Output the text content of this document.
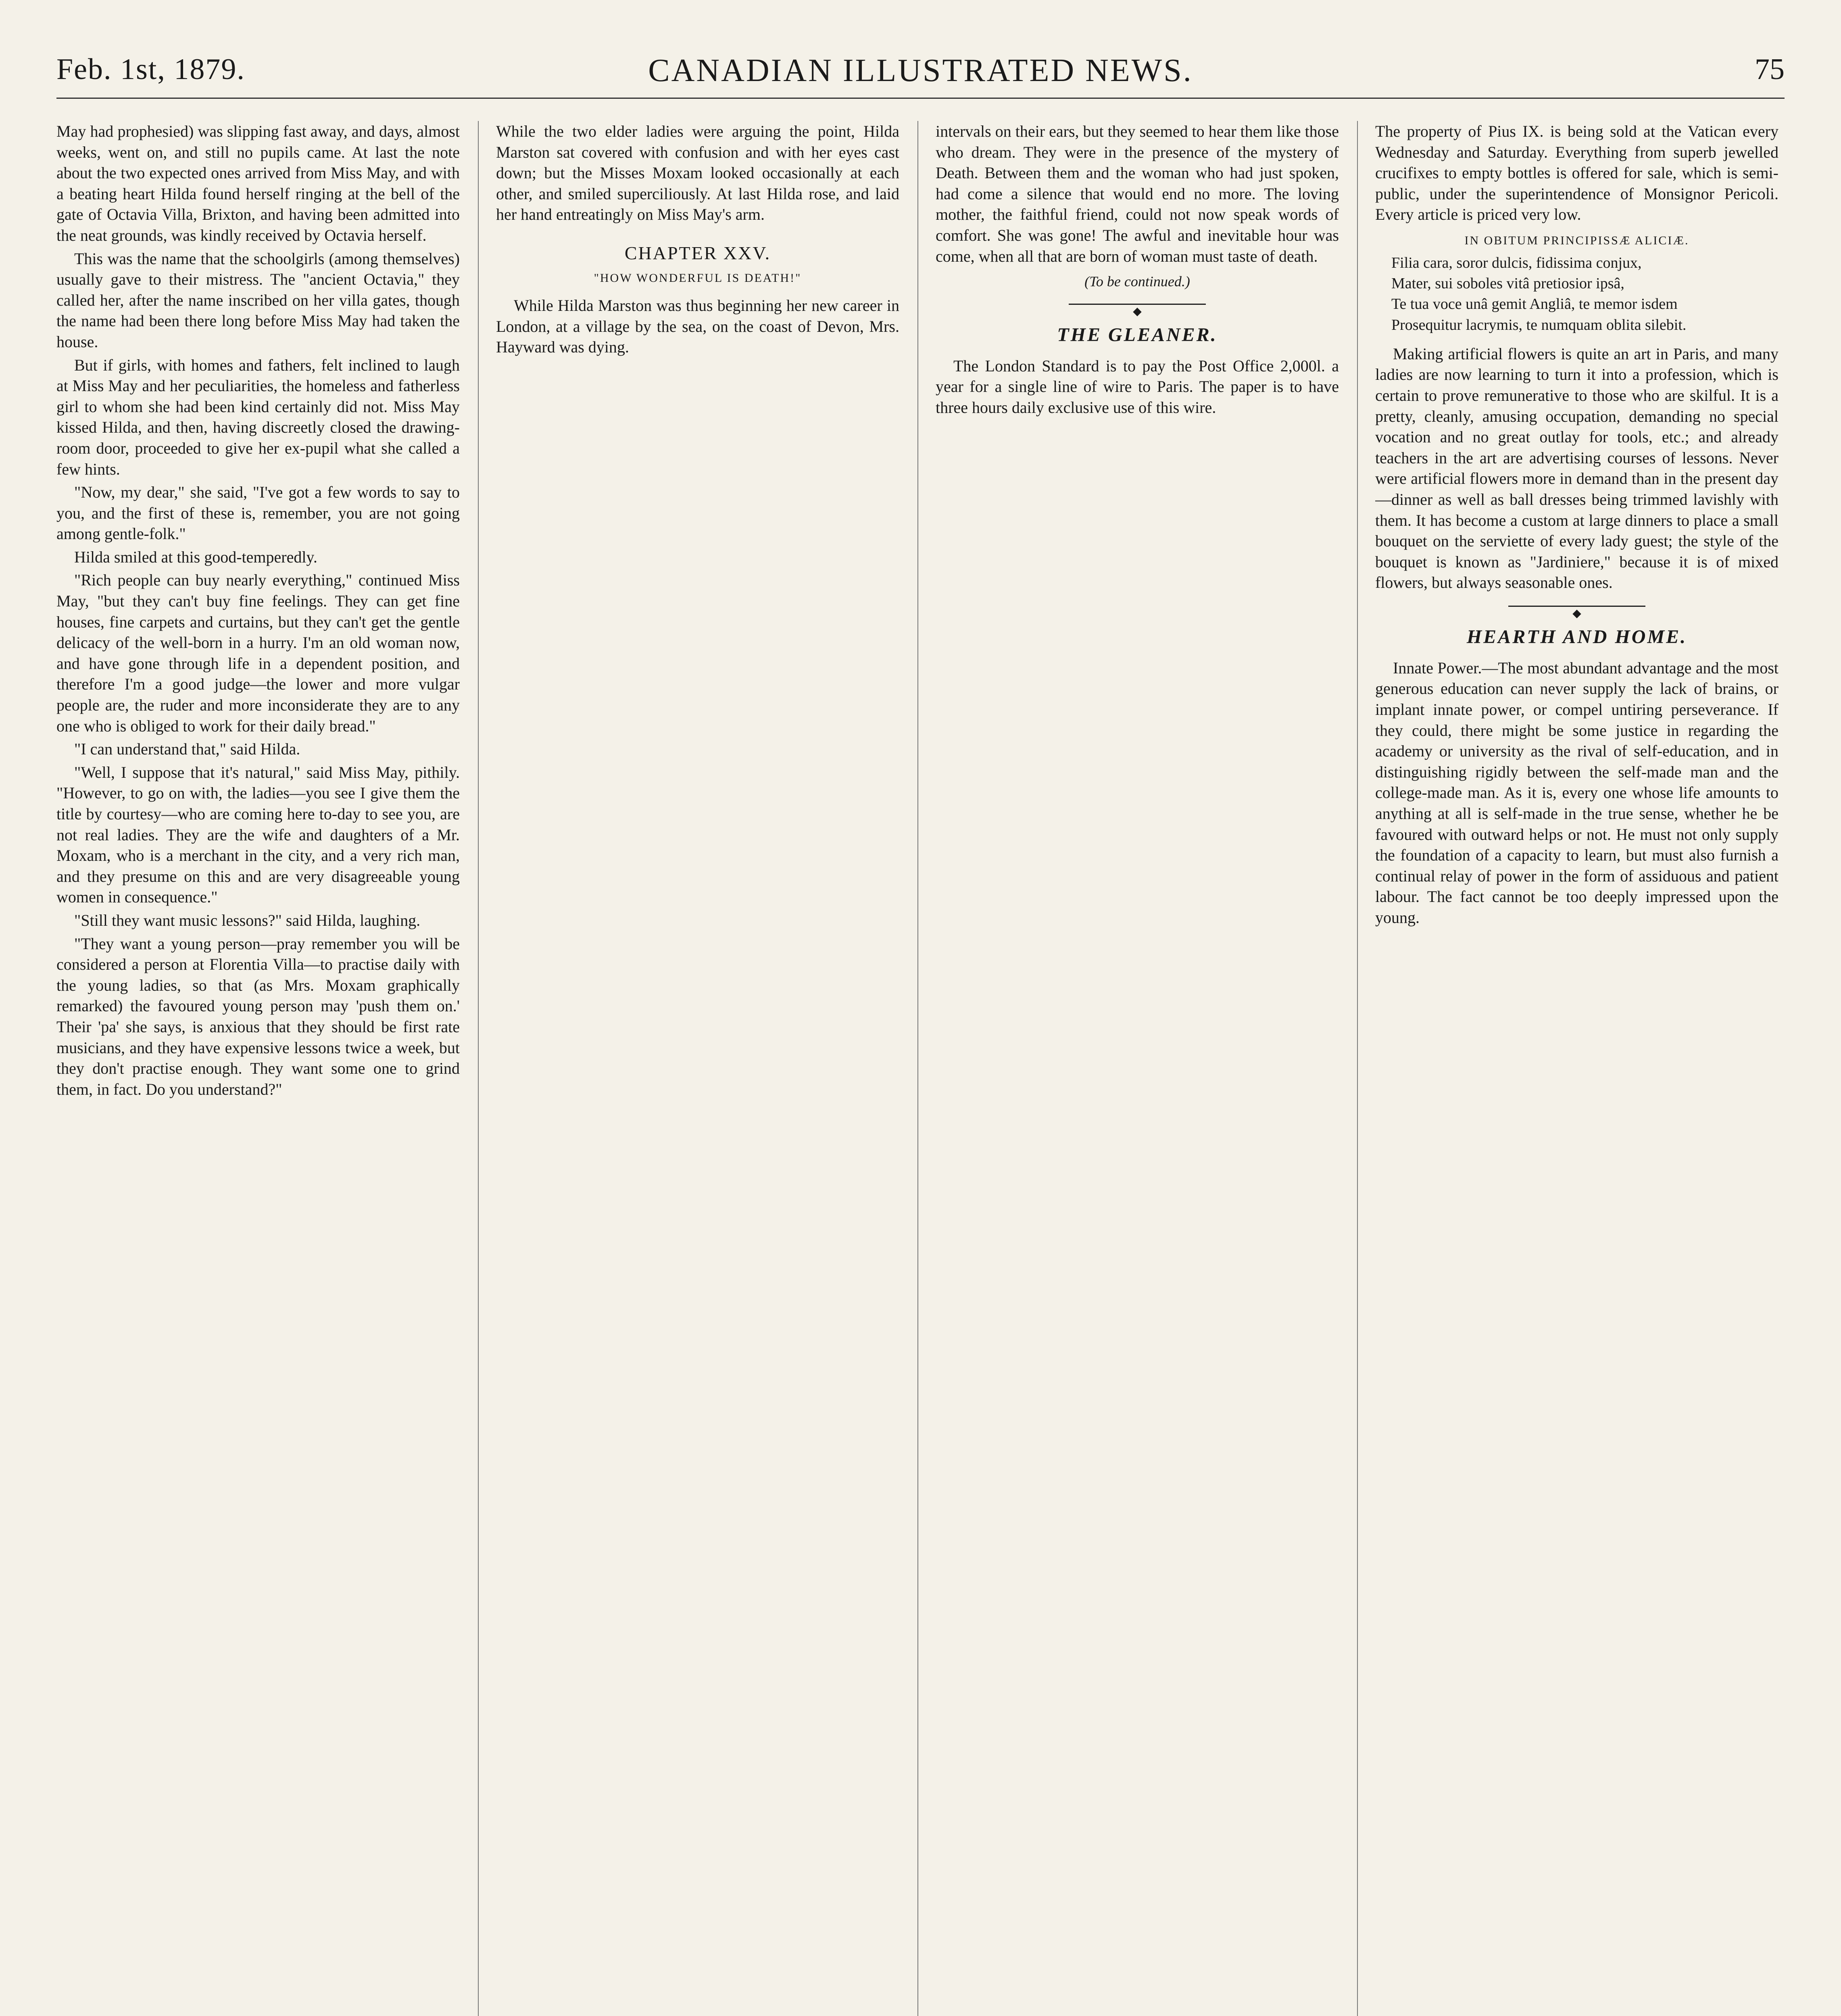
Feb. 1st, 1879.	CANADIAN ILLUSTRATED NEWS.	75

May had prophesied) was slipping fast away, and days, almost weeks, went on, and still no pupils came. At last the note about the two expected ones arrived from Miss May, and with a beating heart Hilda found herself ringing at the bell of the gate of Octavia Villa, Brixton, and having been admitted into the neat grounds, was kindly received by Octavia herself.

This was the name that the schoolgirls (among themselves) usually gave to their mistress. The "ancient Octavia," they called her, after the name inscribed on her villa gates, though the name had been there long before Miss May had taken the house.

But if girls, with homes and fathers, felt inclined to laugh at Miss May and her peculiarities, the homeless and fatherless girl to whom she had been kind certainly did not. Miss May kissed Hilda, and then, having discreetly closed the drawing-room door, proceeded to give her ex-pupil what she called a few hints.

"Now, my dear," she said, "I've got a few words to say to you, and the first of these is, remember, you are not going among gentle-folk."

Hilda smiled at this good-temperedly.

"Rich people can buy nearly everything," continued Miss May, "but they can't buy fine feelings. They can get fine houses, fine carpets and curtains, but they can't get the gentle delicacy of the well-born in a hurry. I'm an old woman now, and have gone through life in a dependent position, and therefore I'm a good judge—the lower and more vulgar people are, the ruder and more inconsiderate they are to any one who is obliged to work for their daily bread."

"I can understand that," said Hilda.

"Well, I suppose that it's natural," said Miss May, pithily. "However, to go on with, the ladies—you see I give them the title by courtesy—who are coming here to-day to see you, are not real ladies. They are the wife and daughters of a Mr. Moxam, who is a merchant in the city, and a very rich man, and they presume on this and are very disagreeable young women in consequence."

"Still they want music lessons?" said Hilda, laughing.

"They want a young person—pray remember you will be considered a person at Florentia Villa—to practise daily with the young ladies, so that (as Mrs. Moxam graphically remarked) the favoured young person may 'push them on.' Their 'pa' she says, is anxious that they should be first rate musicians, and they have expensive lessons twice a week, but they don't practise enough. They want some one to grind them, in fact. Do you understand?"

While the two elder ladies were arguing the point, Hilda Marston sat covered with confusion and with her eyes cast down; but the Misses Moxam looked occasionally at each other, and smiled superciliously. At last Hilda rose, and laid her hand entreatingly on Miss May's arm.

CHAPTER XXV.
"HOW WONDERFUL IS DEATH!"

While Hilda Marston was thus beginning her new career in London, at a village by the sea, on the coast of Devon, Mrs. Hayward was dying.

intervals on their ears, but they seemed to hear them like those who dream. They were in the presence of the mystery of Death. Between them and the woman who had just spoken, had come a silence that would end no more. The loving mother, the faithful friend, could not now speak words of comfort. She was gone! The awful and inevitable hour was come, when all that are born of woman must taste of death.

(To be continued.)
◆
THE GLEANER.

The London Standard is to pay the Post Office 2,000l. a year for a single line of wire to Paris. The paper is to have three hours daily exclusive use of this wire.

The property of Pius IX. is being sold at the Vatican every Wednesday and Saturday. Everything from superb jewelled crucifixes to empty bottles is offered for sale, which is semi-public, under the superintendence of Monsignor Pericoli. Every article is priced very low.

IN OBITUM PRINCIPISSÆ ALICIÆ.
Filia cara, soror dulcis, fidissima conjux,
Mater, sui soboles vitâ pretiosior ipsâ,
Te tua voce unâ gemit Angliâ, te memor isdem
Prosequitur lacrymis, te numquam oblita silebit.

Making artificial flowers is quite an art in Paris, and many ladies are now learning to turn it into a profession, which is certain to prove remunerative to those who are skilful. It is a pretty, cleanly, amusing occupation, demanding no special vocation and no great outlay for tools, etc.; and already teachers in the art are advertising courses of lessons. Never were artificial flowers more in demand than in the present day—dinner as well as ball dresses being trimmed lavishly with them. It has become a custom at large dinners to place a small bouquet on the serviette of every lady guest; the style of the bouquet is known as "Jardiniere," because it is of mixed flowers, but always seasonable ones.

◆
HEARTH AND HOME.

Innate Power.—The most abundant advantage and the most generous education can never supply the lack of brains, or implant innate power, or compel untiring perseverance. If they could, there might be some justice in regarding the academy or university as the rival of self-education, and in distinguishing rigidly between the self-made man and the college-made man. As it is, every one whose life amounts to anything at all is self-made in the true sense, whether he be favoured with outward helps or not. He must not only supply the foundation of a capacity to learn, but must also furnish a continual relay of power in the form of assiduous and patient labour. The fact cannot be too deeply impressed upon the young.
